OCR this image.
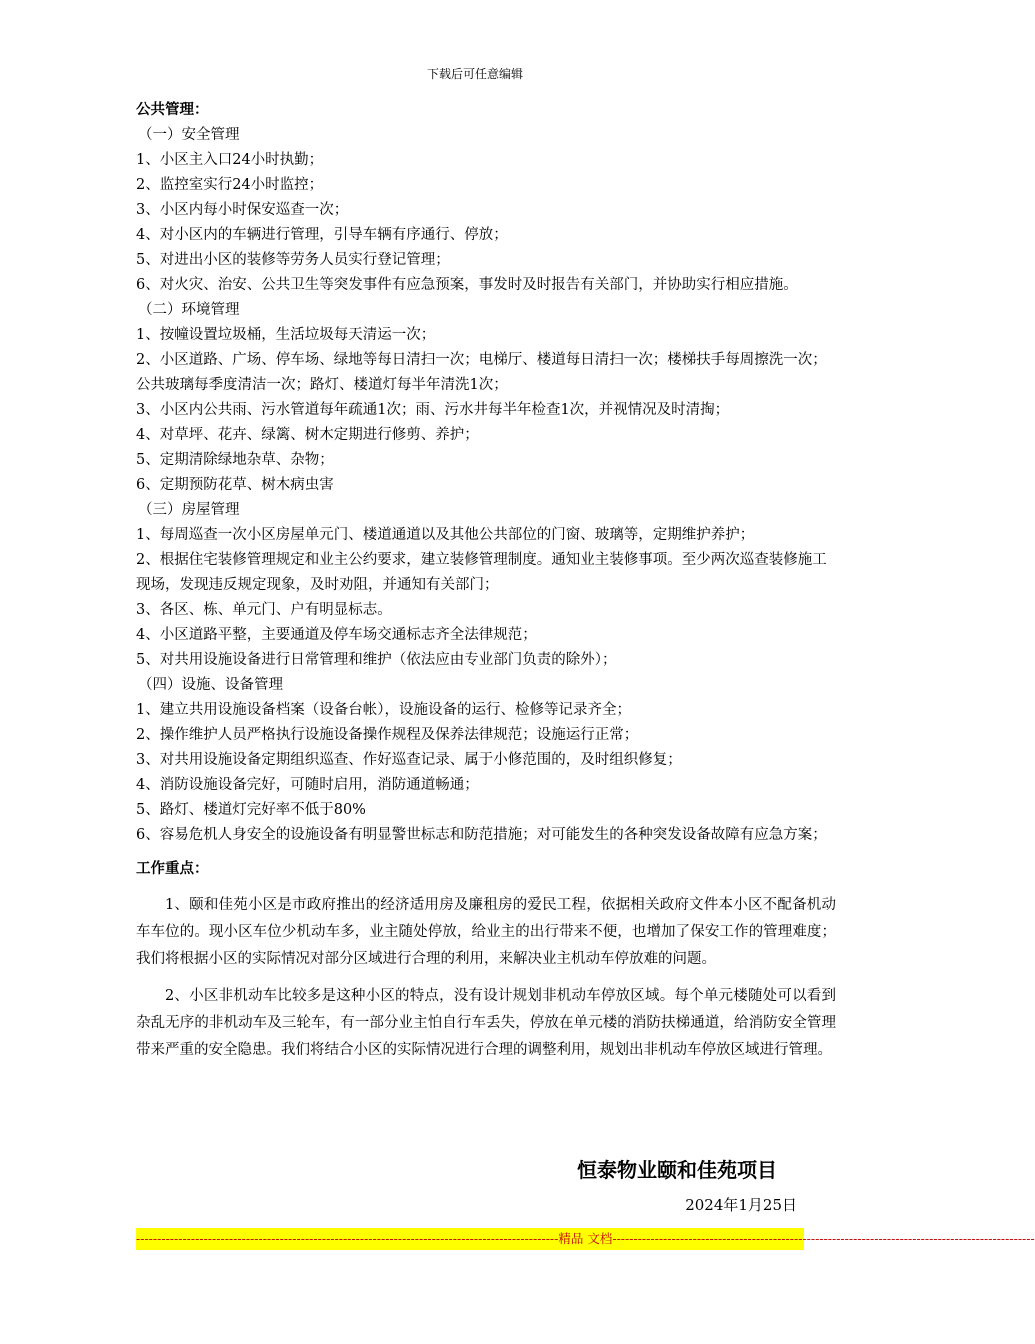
下载后可任意编辑
公共管理：
（一）安全管理
1、小区主入口24小时执勤；
2、监控室实行24小时监控；
3、小区内每小时保安巡查一次；
4、对小区内的车辆进行管理，引导车辆有序通行、停放；
5、对进出小区的装修等劳务人员实行登记管理；
6、对火灾、治安、公共卫生等突发事件有应急预案，事发时及时报告有关部门，并协助实行相应措施。
（二）环境管理
1、按幢设置垃圾桶，生活垃圾每天清运一次；
2、小区道路、广场、停车场、绿地等每日清扫一次；电梯厅、楼道每日清扫一次；楼梯扶手每周擦洗一次；公共玻璃每季度清洁一次；路灯、楼道灯每半年清洗1次；
3、小区内公共雨、污水管道每年疏通1次；雨、污水井每半年检查1次，并视情况及时清掏；
4、对草坪、花卉、绿篱、树木定期进行修剪、养护；
5、定期清除绿地杂草、杂物；
6、定期预防花草、树木病虫害
（三）房屋管理
1、每周巡查一次小区房屋单元门、楼道通道以及其他公共部位的门窗、玻璃等，定期维护养护；
2、根据住宅装修管理规定和业主公约要求，建立装修管理制度。通知业主装修事项。至少两次巡查装修施工现场，发现违反规定现象，及时劝阻，并通知有关部门；
3、各区、栋、单元门、户有明显标志。
4、小区道路平整，主要通道及停车场交通标志齐全法律规范；
5、对共用设施设备进行日常管理和维护（依法应由专业部门负责的除外）；
（四）设施、设备管理
1、建立共用设施设备档案（设备台帐），设施设备的运行、检修等记录齐全；
2、操作维护人员严格执行设施设备操作规程及保养法律规范；设施运行正常；
3、对共用设施设备定期组织巡查、作好巡查记录、属于小修范围的，及时组织修复；
4、消防设施设备完好，可随时启用，消防通道畅通；
5、路灯、楼道灯完好率不低于80%
6、容易危机人身安全的设施设备有明显警世标志和防范措施；对可能发生的各种突发设备故障有应急方案；
工作重点：
1、颐和佳苑小区是市政府推出的经济适用房及廉租房的爱民工程，依据相关政府文件本小区不配备机动车车位的。现小区车位少机动车多，业主随处停放，给业主的出行带来不便，也增加了保安工作的管理难度；我们将根据小区的实际情况对部分区域进行合理的利用，来解决业主机动车停放难的问题。
2、小区非机动车比较多是这种小区的特点，没有设计规划非机动车停放区域。每个单元楼随处可以看到杂乱无序的非机动车及三轮车，有一部分业主怕自行车丢失，停放在单元楼的消防扶梯通道，给消防安全管理带来严重的安全隐患。我们将结合小区的实际情况进行合理的调整利用，规划出非机动车停放区域进行管理。
恒泰物业颐和佳苑项目
2024年1月25日
---------------------------------------------------------------------------------------------------- 精品 文档 ----------------------------------------------------------------------------------------------------
